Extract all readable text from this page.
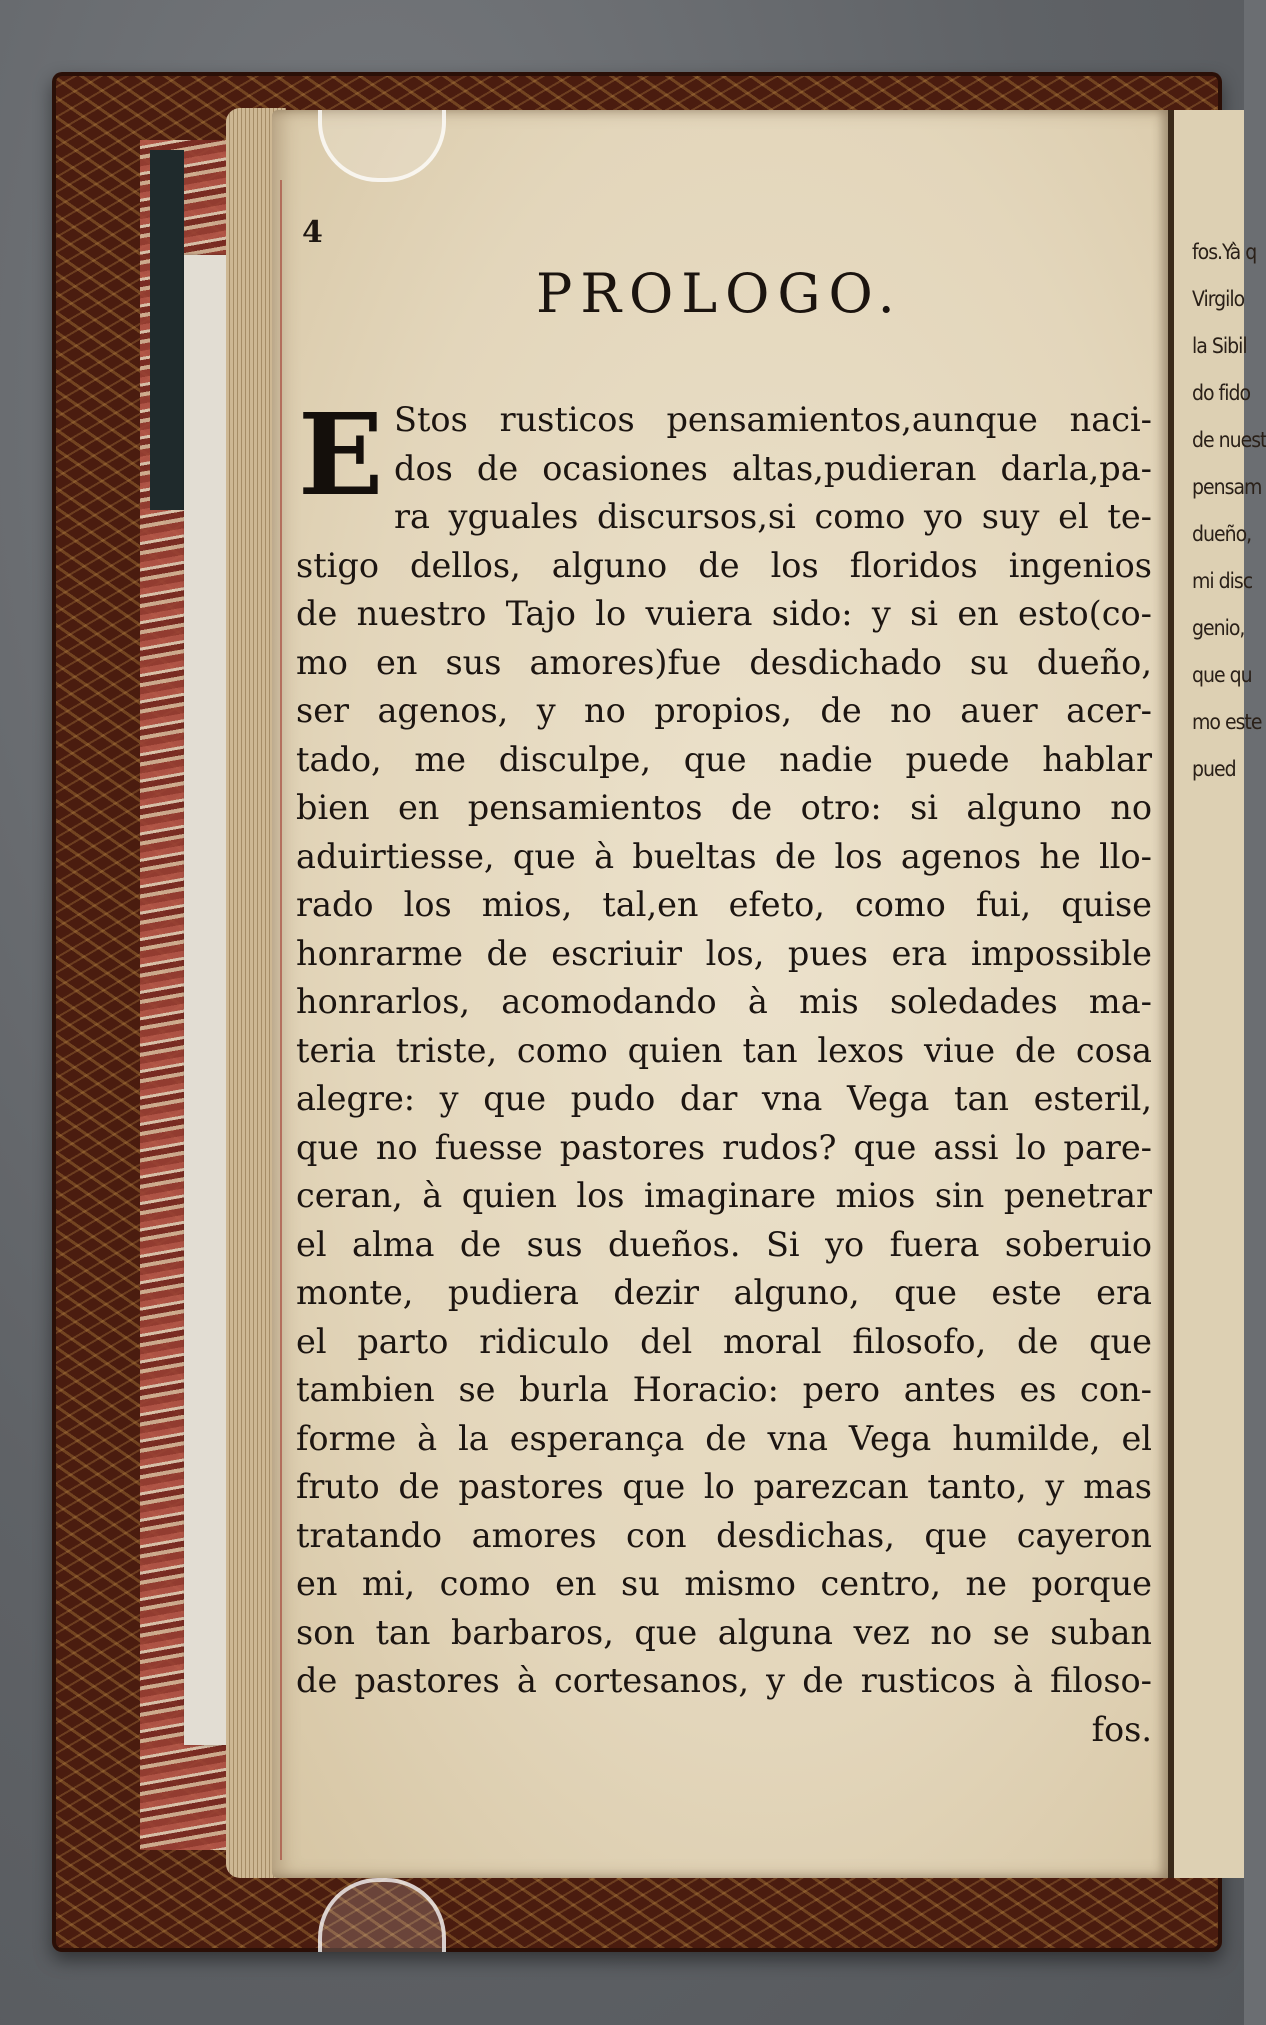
fos.Yà q
Virgilo
la Sibil
do fido
de nuest
pensam
dueño,
mi disc
genio,
que qu
mo este
pued
4
PROLOGO.
E Stos rusticos pensamientos,aunque naci-
dos de ocasiones altas,pudieran darla,pa-
ra yguales discursos,si como yo suy el te-
stigo dellos, alguno de los floridos ingenios
de nuestro Tajo lo vuiera sido: y si en esto(co-
mo en sus amores)fue desdichado su dueño,
ser agenos, y no propios, de no auer acer-
tado, me disculpe, que nadie puede hablar
bien en pensamientos de otro: si alguno no
aduirtiesse, que à bueltas de los agenos he llo-
rado los mios, tal,en efeto, como fui, quise
honrarme de escriuir los, pues era impossible
honrarlos, acomodando à mis soledades ma-
teria triste, como quien tan lexos viue de cosa
alegre: y que pudo dar vna Vega tan esteril,
que no fuesse pastores rudos? que assi lo pare-
ceran, à quien los imaginare mios sin penetrar
el alma de sus dueños. Si yo fuera soberuio
monte, pudiera dezir alguno, que este era
el parto ridiculo del moral filosofo, de que
tambien se burla Horacio: pero antes es con-
forme à la esperança de vna Vega humilde, el
fruto de pastores que lo parezcan tanto, y mas
tratando amores con desdichas, que cayeron
en mi, como en su mismo centro, ne porque
son tan barbaros, que alguna vez no se suban
de pastores à cortesanos, y de rusticos à filoso-
fos.
